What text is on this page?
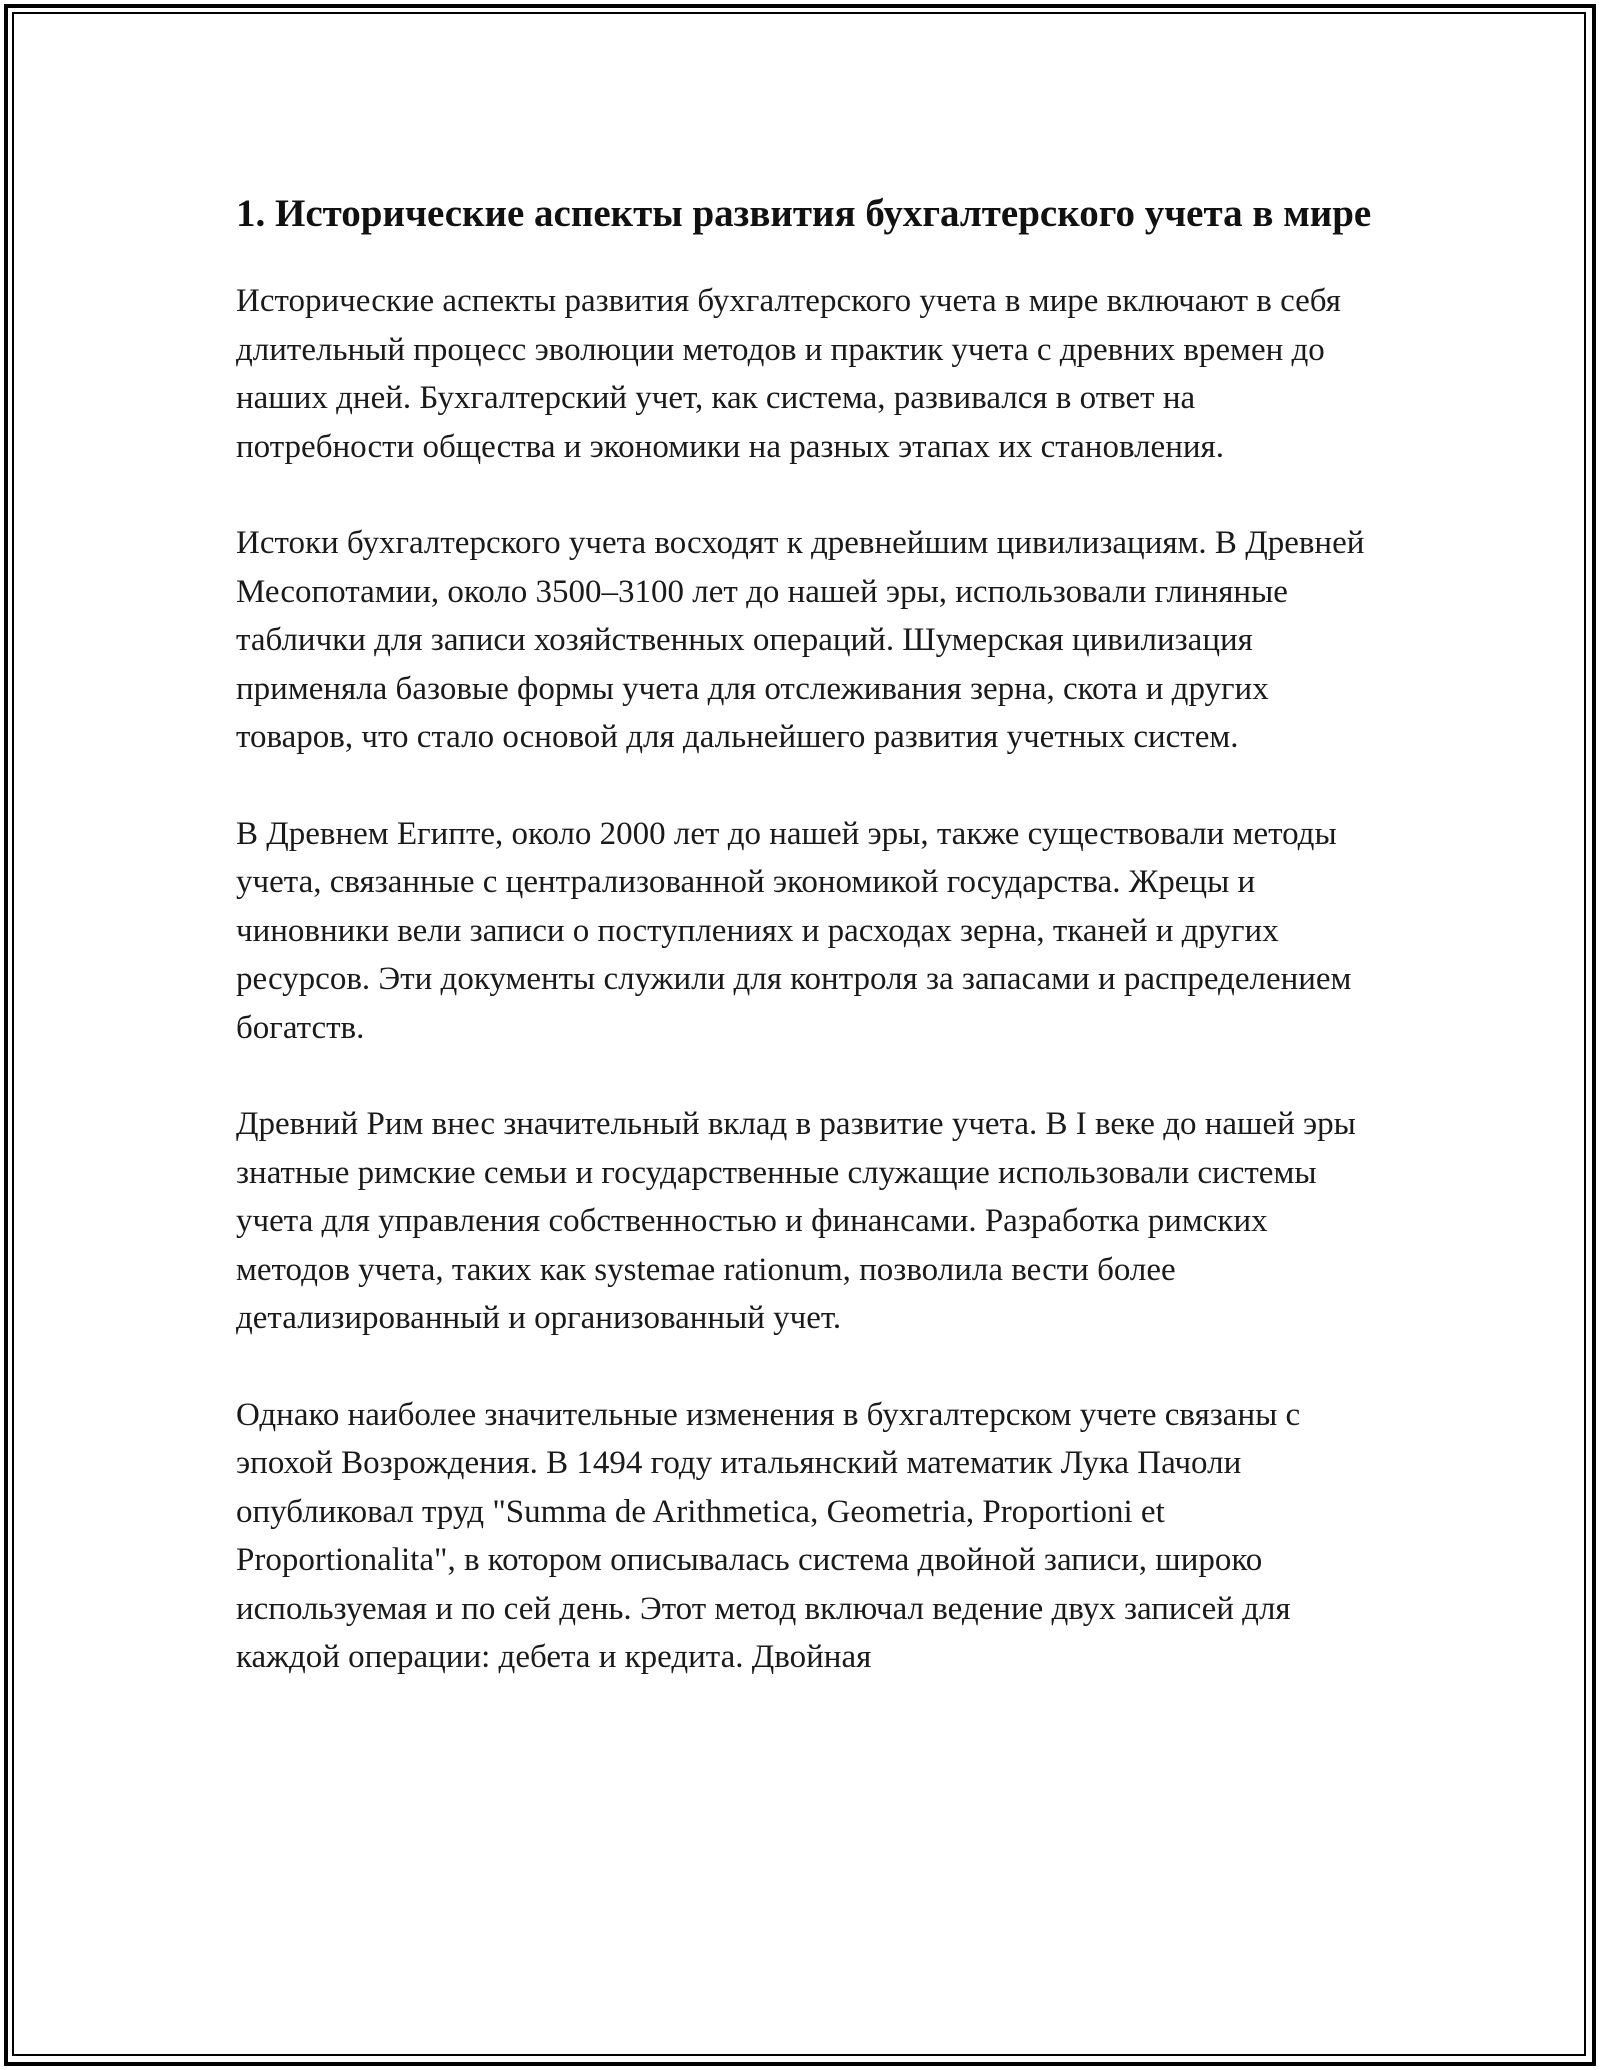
1. Исторические аспекты развития бухгалтерского учета в мире

Исторические аспекты развития бухгалтерского учета в мире включают в себя длительный процесс эволюции методов и практик учета с древних времен до наших дней. Бухгалтерский учет, как система, развивался в ответ на потребности общества и экономики на разных этапах их становления.

Истоки бухгалтерского учета восходят к древнейшим цивилизациям. В Древней Месопотамии, около 3500–3100 лет до нашей эры, использовали глиняные таблички для записи хозяйственных операций. Шумерская цивилизация применяла базовые формы учета для отслеживания зерна, скота и других товаров, что стало основой для дальнейшего развития учетных систем.

В Древнем Египте, около 2000 лет до нашей эры, также существовали методы учета, связанные с централизованной экономикой государства. Жрецы и чиновники вели записи о поступлениях и расходах зерна, тканей и других ресурсов. Эти документы служили для контроля за запасами и распределением богатств.

Древний Рим внес значительный вклад в развитие учета. В I веке до нашей эры знатные римские семьи и государственные служащие использовали системы учета для управления собственностью и финансами. Разработка римских методов учета, таких как systemae rationum, позволила вести более детализированный и организованный учет.

Однако наиболее значительные изменения в бухгалтерском учете связаны с эпохой Возрождения. В 1494 году итальянский математик Лука Пачоли опубликовал труд "Summa de Arithmetica, Geometria, Proportioni et Proportionalita", в котором описывалась система двойной записи, широко используемая и по сей день. Этот метод включал ведение двух записей для каждой операции: дебета и кредита. Двойная
